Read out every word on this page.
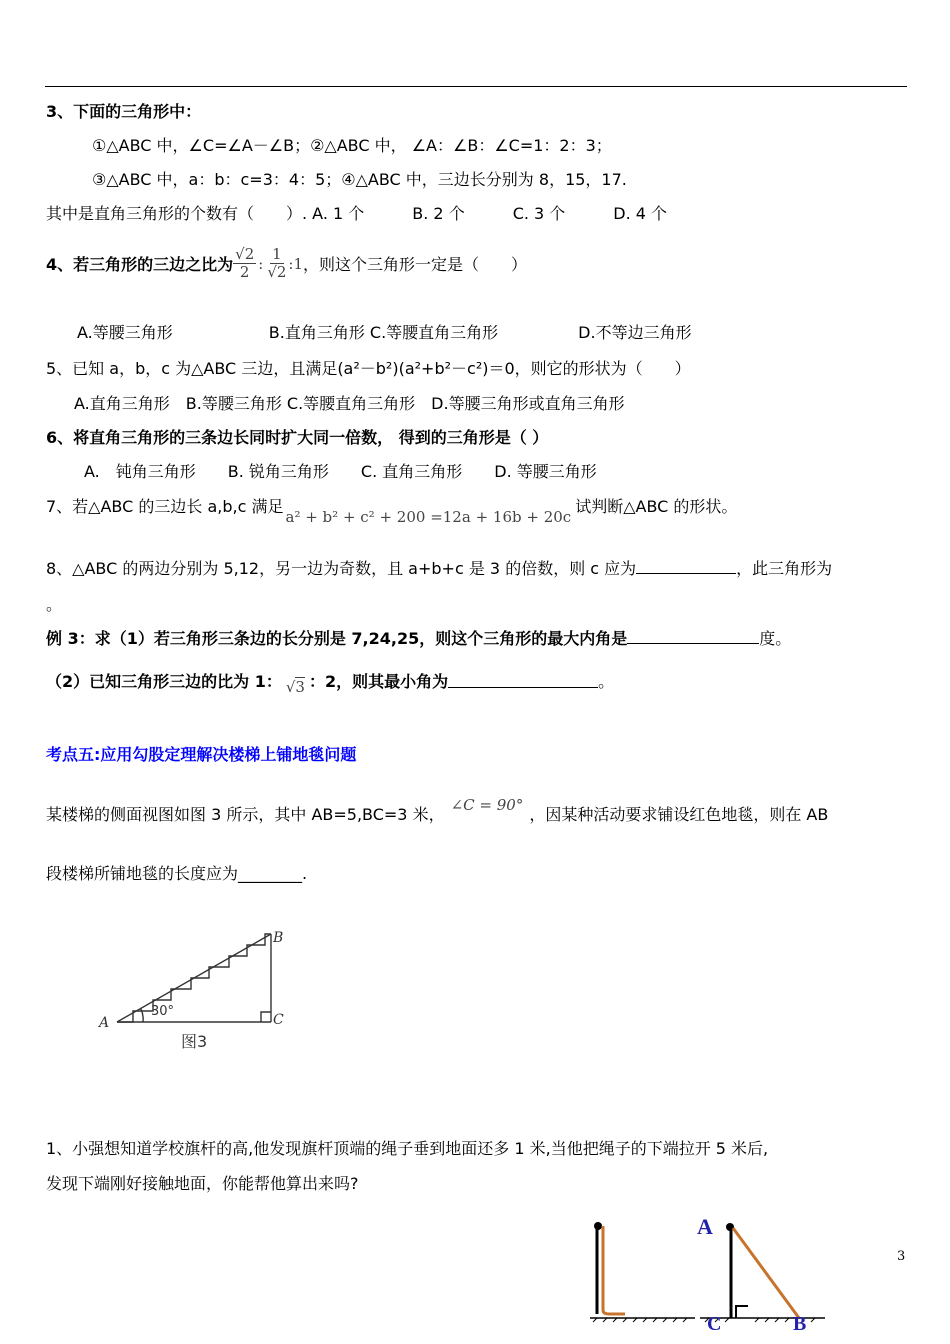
3、下面的三角形中：
①△ABC 中，∠C=∠A－∠B；②△ABC 中， ∠A：∠B：∠C=1：2：3；
③△ABC 中，a：b：c=3：4：5；④△ABC 中，三边长分别为 8，15，17.
其中是直角三角形的个数有（　　）. A. 1 个　　　B. 2 个　　　C. 3 个　　　D. 4 个
4、若三角形的三边之比为 $\frac{√2}{2}$ : $\frac{1}{√2}$ :1 ，则这个三角形一定是（　　）
A.等腰三角形　　　　　　B.直角三角形 C.等腰直角三角形　　　　　D.不等边三角形
5、已知 a，b，c 为△ABC 三边，且满足(a²－b²)(a²+b²－c²)＝0，则它的形状为（　　）
A.直角三角形　B.等腰三角形 C.等腰直角三角形　D.等腰三角形或直角三角形
6、将直角三角形的三条边长同时扩大同一倍数， 得到的三角形是（ ）
A.　钝角三角形　　B. 锐角三角形　　C. 直角三角形　　D. 等腰三角形
7、若△ABC 的三边长 a,b,c 满足
a² + b² + c² + 200 =12a + 16b + 20c
试判断△ABC 的形状。
8、△ABC 的两边分别为 5,12，另一边为奇数，且 a+b+c 是 3 的倍数，则 c 应为	，此三角形为
。
例 3：求（1）若三角形三条边的长分别是 7,24,25，则这个三角形的最大内角是	度。
（2）已知三角形三边的比为 1： √3 ：2，则其最小角为	。
考点五:应用勾股定理解决楼梯上铺地毯问题
某楼梯的侧面视图如图 3 所示，其中 AB=5,BC=3 米， ∠C = 90° ，因某种活动要求铺设红色地毯，则在 AB
段楼梯所铺地毯的长度应为________.
A
B
C
30°
图3
1、小强想知道学校旗杆的高,他发现旗杆顶端的绳子垂到地面还多 1 米,当他把绳子的下端拉开 5 米后,
发现下端刚好接触地面，你能帮他算出来吗?
A
C	B
3
